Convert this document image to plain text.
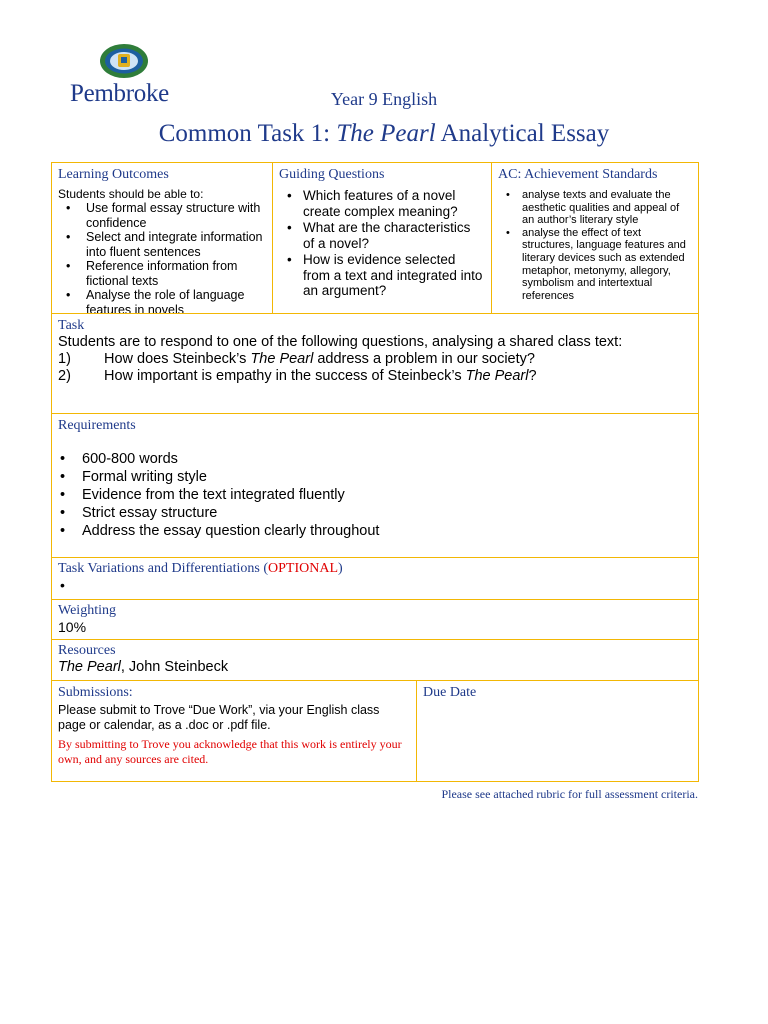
Pembroke	Year 9 English
Common Task 1: The Pearl Analytical Essay
Learning Outcomes
Students should be able to:
• Use formal essay structure with confidence
• Select and integrate information into fluent sentences
• Reference information from fictional texts
• Analyse the role of language features in novels
Guiding Questions
• Which features of a novel create complex meaning?
• What are the characteristics of a novel?
• How is evidence selected from a text and integrated into an argument?
AC: Achievement Standards
• analyse texts and evaluate the aesthetic qualities and appeal of an author’s literary style
• analyse the effect of text structures, language features and literary devices such as extended metaphor, metonymy, allegory, symbolism and intertextual references
Task
Students are to respond to one of the following questions, analysing a shared class text:
1)	How does Steinbeck’s The Pearl address a problem in our society?
2)	How important is empathy in the success of Steinbeck’s The Pearl?
Requirements
• 600-800 words
• Formal writing style
• Evidence from the text integrated fluently
• Strict essay structure
• Address the essay question clearly throughout
Task Variations and Differentiations (OPTIONAL)
•
Weighting
10%
Resources
The Pearl, John Steinbeck
Submissions:
Please submit to Trove “Due Work”, via your English class page or calendar, as a .doc or .pdf file.
By submitting to Trove you acknowledge that this work is entirely your own, and any sources are cited.
Due Date
Please see attached rubric for full assessment criteria.
